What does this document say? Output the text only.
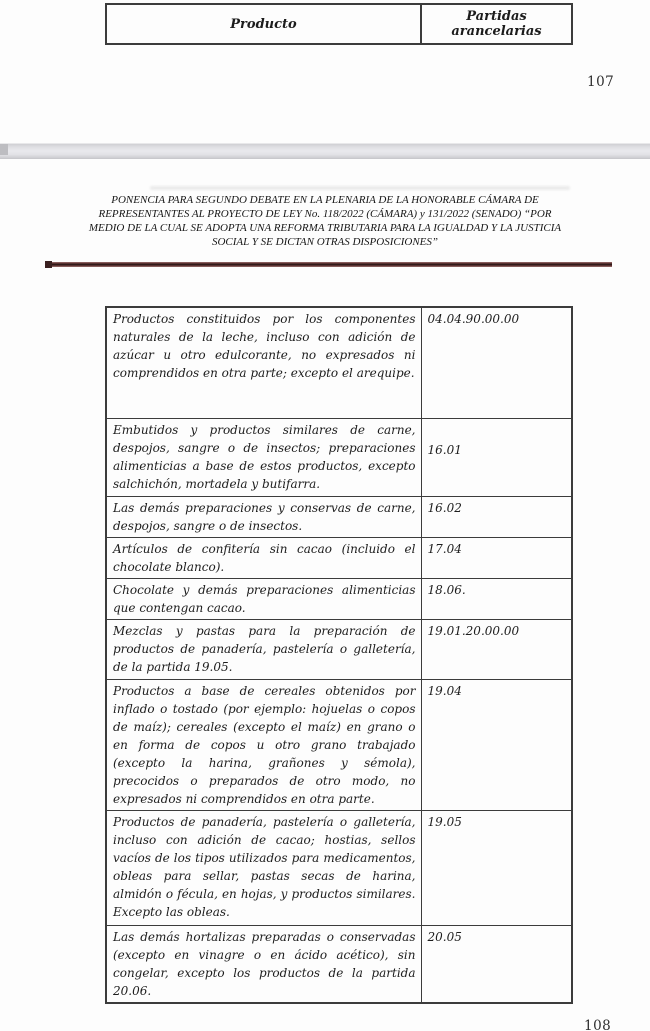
Producto	Partidas arancelarias
107
PONENCIA PARA SEGUNDO DEBATE EN LA PLENARIA DE LA HONORABLE CÁMARA DE
REPRESENTANTES AL PROYECTO DE LEY No. 118/2022 (CÁMARA) y 131/2022 (SENADO) “POR
MEDIO DE LA CUAL SE ADOPTA UNA REFORMA TRIBUTARIA PARA LA IGUALDAD Y LA JUSTICIA
SOCIAL Y SE DICTAN OTRAS DISPOSICIONES”
Productos constituidos por los componentes naturales de la leche, incluso con adición de azúcar u otro edulcorante, no expresados ni comprendidos en otra parte; excepto el arequipe.	04.04.90.00.00
Embutidos y productos similares de carne, despojos, sangre o de insectos; preparaciones alimenticias a base de estos productos, excepto salchichón, mortadela y butifarra.	16.01
Las demás preparaciones y conservas de carne, despojos, sangre o de insectos.	16.02
Artículos de confitería sin cacao (incluido el chocolate blanco).	17.04
Chocolate y demás preparaciones alimenticias que contengan cacao.	18.06.
Mezclas y pastas para la preparación de productos de panadería, pastelería o galletería, de la partida 19.05.	19.01.20.00.00
Productos a base de cereales obtenidos por inflado o tostado (por ejemplo: hojuelas o copos de maíz); cereales (excepto el maíz) en grano o en forma de copos u otro grano trabajado (excepto la harina, grañones y sémola), precocidos o preparados de otro modo, no expresados ni comprendidos en otra parte.	19.04
Productos de panadería, pastelería o galletería, incluso con adición de cacao; hostias, sellos vacíos de los tipos utilizados para medicamentos, obleas para sellar, pastas secas de harina, almidón o fécula, en hojas, y productos similares. Excepto las obleas.	19.05
Las demás hortalizas preparadas o conservadas (excepto en vinagre o en ácido acético), sin congelar, excepto los productos de la partida 20.06.	20.05
108
